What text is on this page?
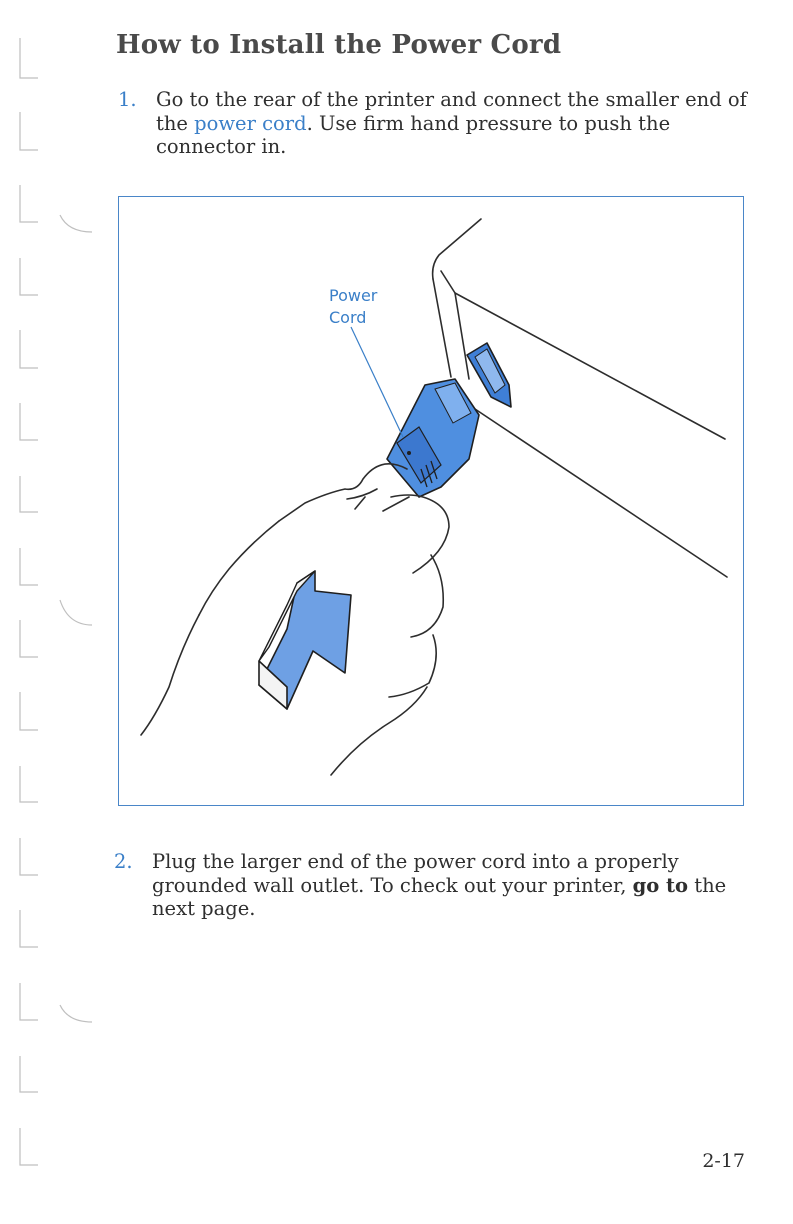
How to Install the Power Cord
1. Go to the rear of the printer and connect the smaller end of the power cord. Use firm hand pressure to push the connector in.
Power
Cord
2. Plug the larger end of the power cord into a properly grounded wall outlet. To check out your printer, go to the next page.
2-17
